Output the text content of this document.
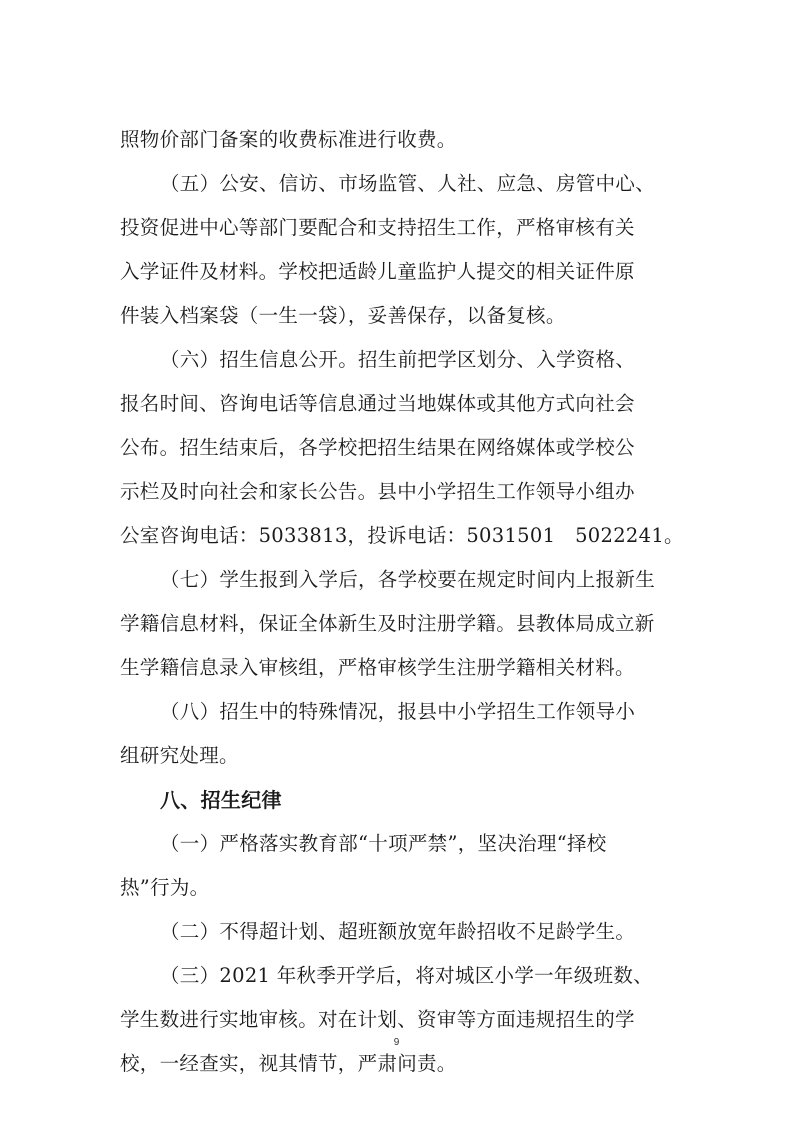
照物价部门备案的收费标准进行收费。
（五）公安、信访、市场监管、人社、应急、房管中心、
投资促进中心等部门要配合和支持招生工作，严格审核有关
入学证件及材料。学校把适龄儿童监护人提交的相关证件原
件装入档案袋（一生一袋），妥善保存，以备复核。
（六）招生信息公开。招生前把学区划分、入学资格、
报名时间、咨询电话等信息通过当地媒体或其他方式向社会
公布。招生结束后，各学校把招生结果在网络媒体或学校公
示栏及时向社会和家长公告。县中小学招生工作领导小组办
公室咨询电话：5033813，投诉电话：5031501　5022241。
（七）学生报到入学后，各学校要在规定时间内上报新生
学籍信息材料，保证全体新生及时注册学籍。县教体局成立新
生学籍信息录入审核组，严格审核学生注册学籍相关材料。
（八）招生中的特殊情况，报县中小学招生工作领导小
组研究处理。
八、招生纪律
（一）严格落实教育部“十项严禁”，坚决治理“择校
热”行为。
（二）不得超计划、超班额放宽年龄招收不足龄学生。
（三）2021 年秋季开学后，将对城区小学一年级班数、
学生数进行实地审核。对在计划、资审等方面违规招生的学
校，一经查实，视其情节，严肃问责。
9
